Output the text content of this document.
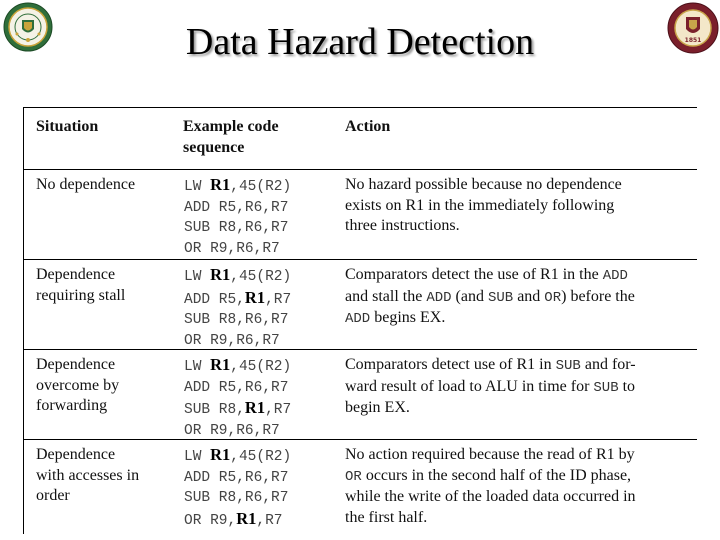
1851
Data Hazard Detection
Situation	Example code
sequence
Action
No dependence	LW R1,45(R2)
ADD R5,R6,R7
SUB R8,R6,R7
OR R9,R6,R7
No hazard possible because no dependence
exists on R1 in the immediately following
three instructions.
Dependence
requiring stall
LW R1,45(R2)
ADD R5,R1,R7
SUB R8,R6,R7
OR R9,R6,R7
Comparators detect the use of R1 in the ADD
and stall the ADD (and SUB and OR) before the
ADD begins EX.
Dependence
overcome by
forwarding
LW R1,45(R2)
ADD R5,R6,R7
SUB R8,R1,R7
OR R9,R6,R7
Comparators detect use of R1 in SUB and for-
ward result of load to ALU in time for SUB to
begin EX.
Dependence
with accesses in
order
LW R1,45(R2)
ADD R5,R6,R7
SUB R8,R6,R7
OR R9,R1,R7
No action required because the read of R1 by
OR occurs in the second half of the ID phase,
while the write of the loaded data occurred in
the first half.
